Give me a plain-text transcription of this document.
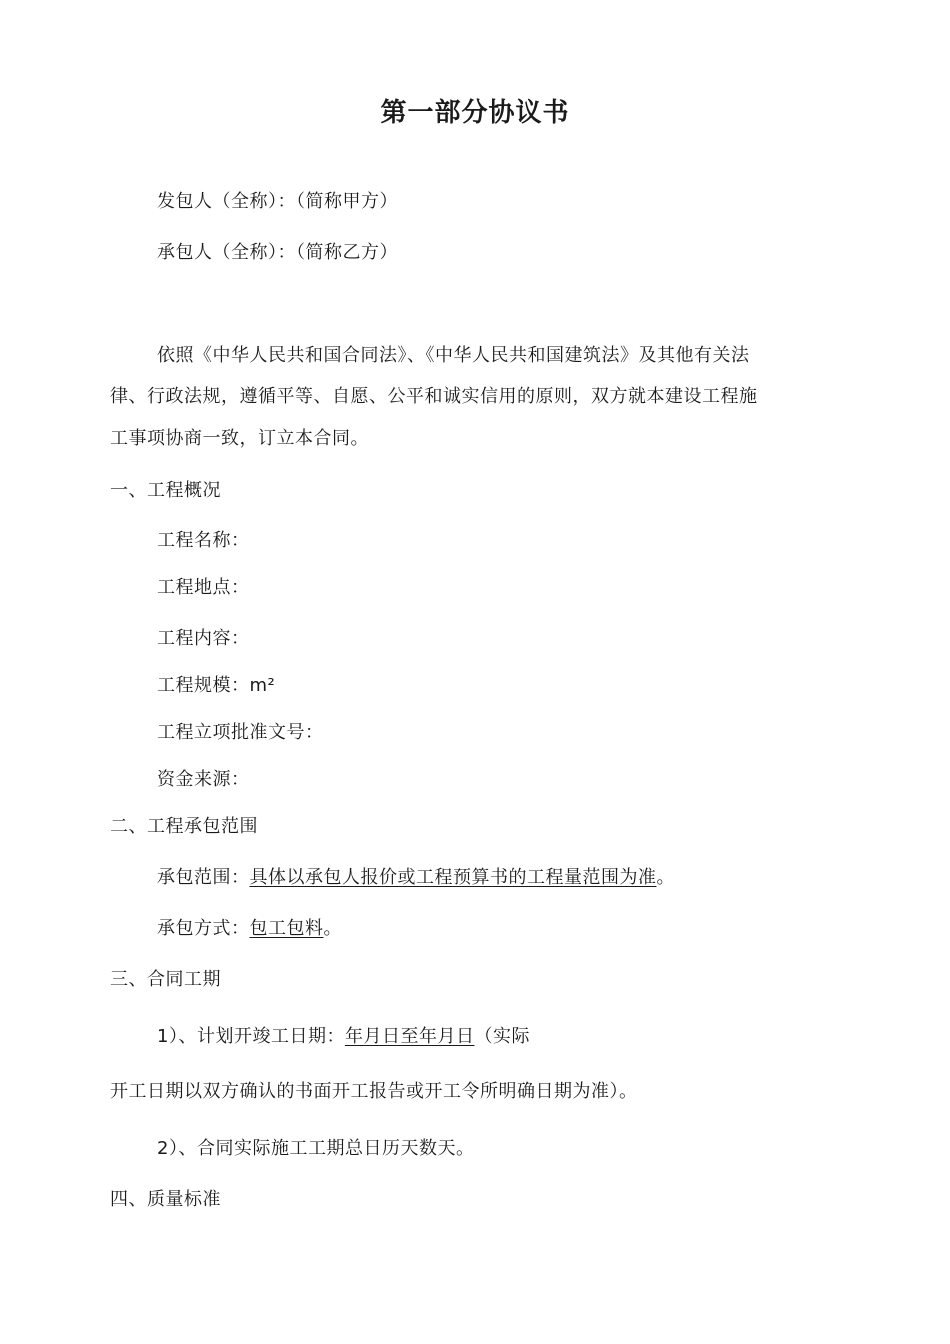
第一部分协议书
发包人（全称）：（简称甲方）
承包人（全称）：（简称乙方）
依照《中华人民共和国合同法》、《中华人民共和国建筑法》及其他有关法
律、行政法规，遵循平等、自愿、公平和诚实信用的原则，双方就本建设工程施
工事项协商一致，订立本合同。
一、工程概况
工程名称：
工程地点：
工程内容：
工程规模：m²
工程立项批准文号：
资金来源：
二、工程承包范围
承包范围：具体以承包人报价或工程预算书的工程量范围为准。
承包方式：包工包料。
三、合同工期
1）、计划开竣工日期：年月日至年月日（实际
开工日期以双方确认的书面开工报告或开工令所明确日期为准）。
2）、合同实际施工工期总日历天数天。
四、质量标准
